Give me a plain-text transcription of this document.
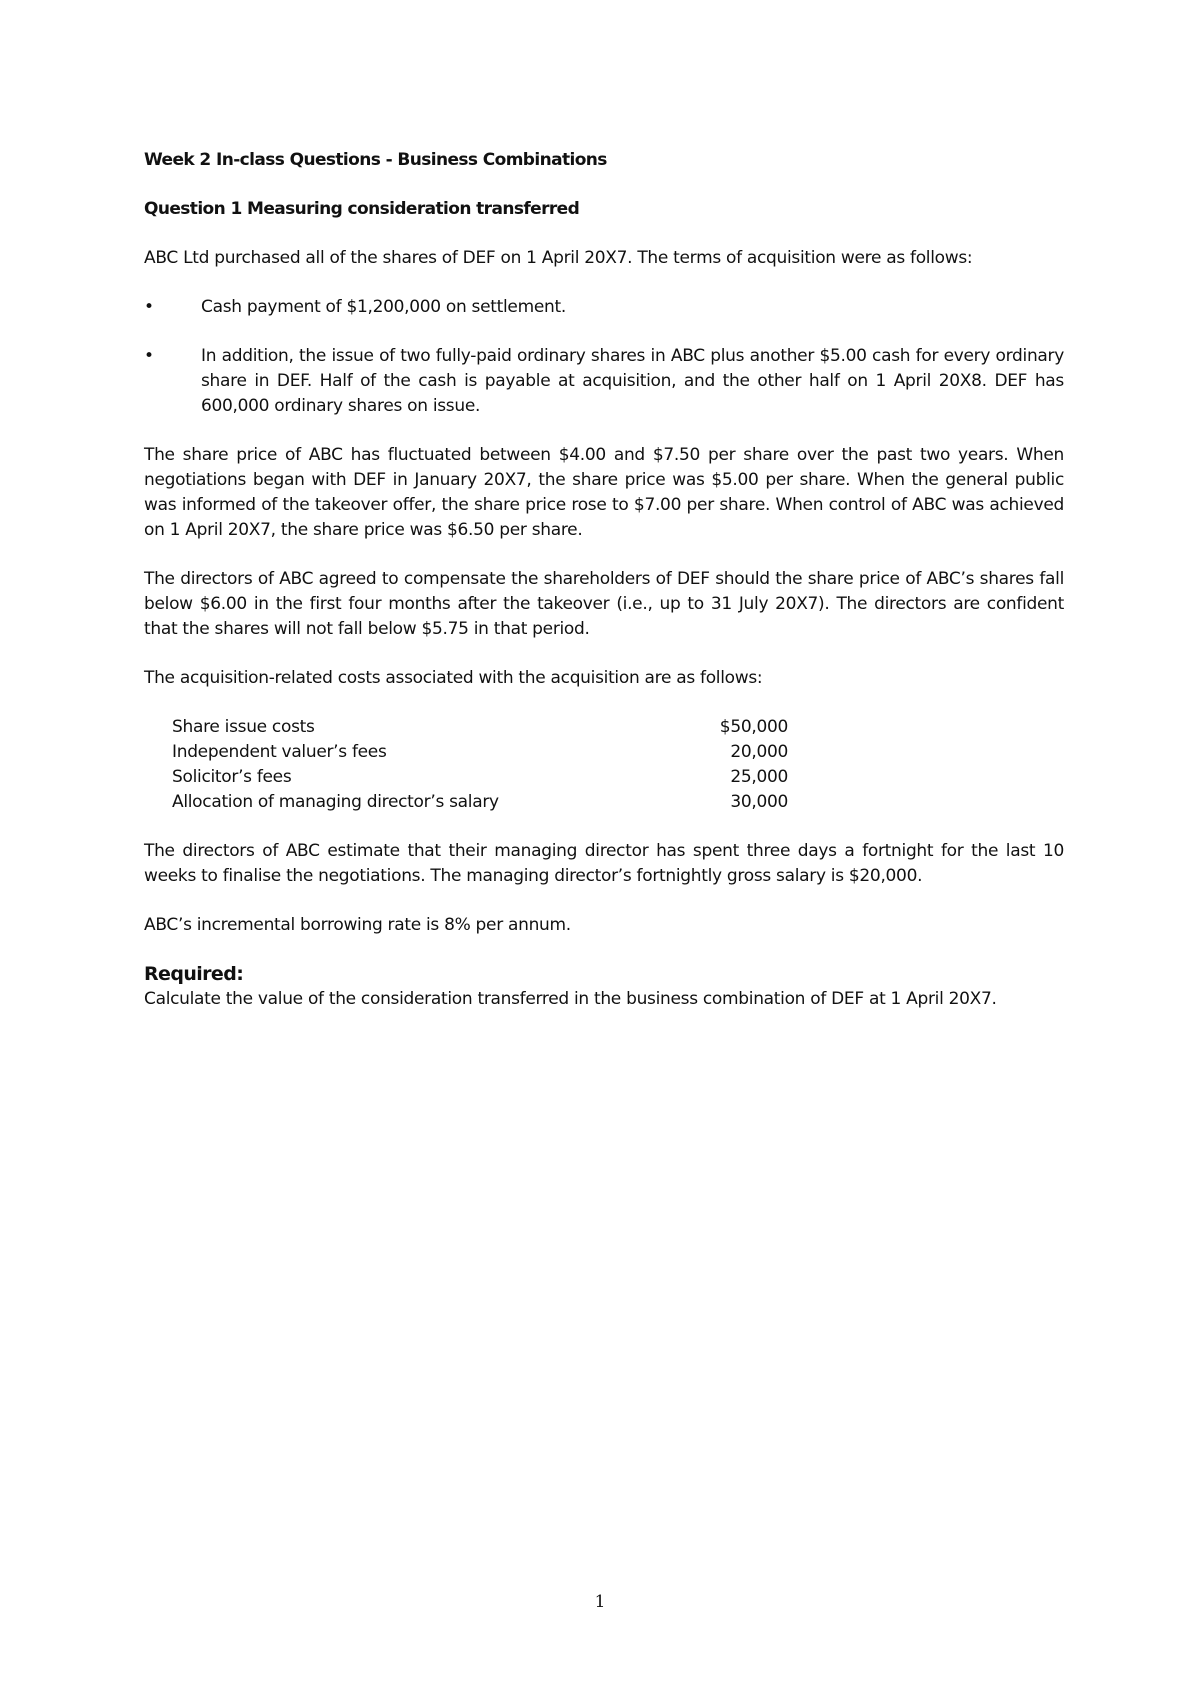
Week 2 In-class Questions - Business Combinations
Question 1 Measuring consideration transferred

ABC Ltd purchased all of the shares of DEF on 1 April 20X7. The terms of acquisition were as follows:

•	Cash payment of $1,200,000 on settlement.
•	In addition, the issue of two fully-paid ordinary shares in ABC plus another $5.00 cash for every ordinary share in DEF. Half of the cash is payable at acquisition, and the other half on 1 April 20X8. DEF has 600,000 ordinary shares on issue.

The share price of ABC has fluctuated between $4.00 and $7.50 per share over the past two years. When negotiations began with DEF in January 20X7, the share price was $5.00 per share. When the general public was informed of the takeover offer, the share price rose to $7.00 per share. When control of ABC was achieved on 1 April 20X7, the share price was $6.50 per share.

The directors of ABC agreed to compensate the shareholders of DEF should the share price of ABC’s shares fall below $6.00 in the first four months after the takeover (i.e., up to 31 July 20X7). The directors are confident that the shares will not fall below $5.75 in that period.

The acquisition-related costs associated with the acquisition are as follows:

Share issue costs	$50,000
Independent valuer’s fees	20,000
Solicitor’s fees	25,000
Allocation of managing director’s salary	30,000

The directors of ABC estimate that their managing director has spent three days a fortnight for the last 10 weeks to finalise the negotiations. The managing director’s fortnightly gross salary is $20,000.

ABC’s incremental borrowing rate is 8% per annum.

Required:

Calculate the value of the consideration transferred in the business combination of DEF at 1 April 20X7.

1
